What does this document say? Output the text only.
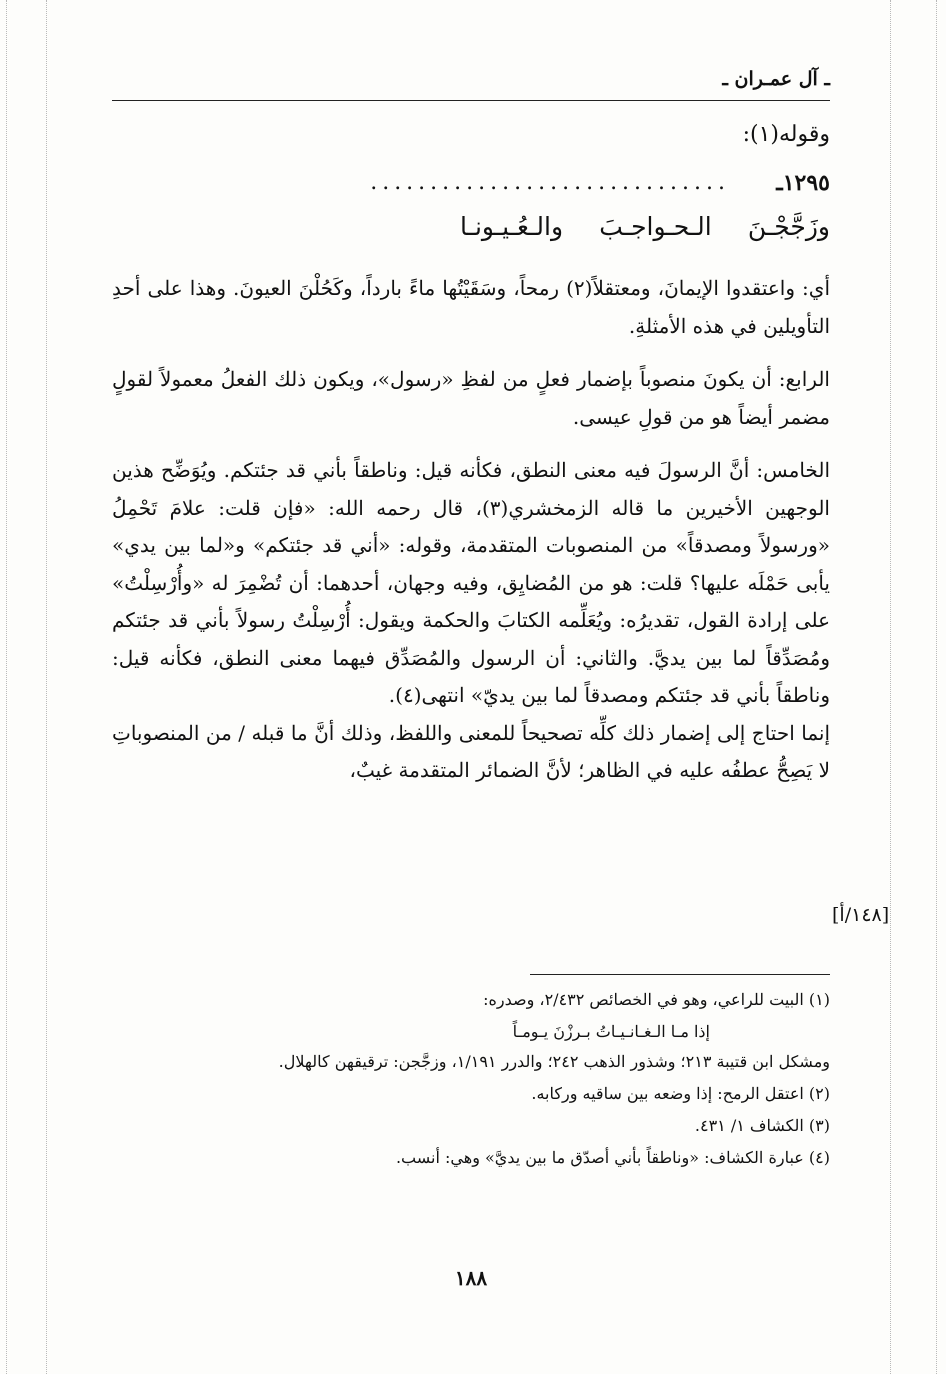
ـ آل عمـران ـ
وقوله(١):
١٢٩٥ـ
..............................
وزَجَّجْـنَ الـحـواجـبَ والـعُـيـونـا

أي: واعتقدوا الإيمانَ، ومعتقلاً(٢) رمحاً، وسَقَيْتُها ماءً بارداً، وكَحُلْنَ العيونَ. وهذا على أحدِ التأويلين في هذه الأمثلةِ.

الرابع: أن يكونَ منصوباً بإضمار فعلٍ من لفظِ «رسول»، ويكون ذلك الفعلُ معمولاً لقولٍ مضمر أيضاً هو من قولِ عيسى.

الخامس: أنَّ الرسولَ فيه معنى النطق، فكأنه قيل: وناطقاً بأني قد جئتكم. ويُوَضِّح هذين الوجهين الأخيرين ما قاله الزمخشري(٣)، قال رحمه الله: «فإن قلت: علامَ تَحْمِلُ «ورسولاً ومصدقاً» من المنصوبات المتقدمة، وقوله: «أني قد جئتكم» و«لما بين يدي» يأبى حَمْلَه عليها؟ قلت: هو من المُضايِق، وفيه وجهان، أحدهما: أن تُضْمِرَ له «وأُرْسِلْتُ» على إرادة القول، تقديرُه: ويُعَلِّمه الكتابَ والحكمة ويقول: أُرْسِلْتُ رسولاً بأني قد جئتكم ومُصَدِّقاً لما بين يديَّ. والثاني: أن الرسول والمُصَدِّق فيهما معنى النطق، فكأنه قيل: وناطقاً بأني قد جئتكم ومصدقاً لما بين يديّ» انتهى(٤).

إنما احتاج إلى إضمار ذلك كلِّه تصحيحاً للمعنى واللفظ، وذلك أنَّ ما قبله / من المنصوباتِ لا يَصِحُّ عطفُه عليه في الظاهر؛ لأنَّ الضمائر المتقدمة غيبٌ،

(١) البيت للراعي، وهو في الخصائص ٢/٤٣٢، وصدره:
إذا مـا الـغـانـيـاتُ بـرزْنَ يـومـاً
ومشكل ابن قتيبة ٢١٣؛ وشذور الذهب ٢٤٢؛ والدرر ١/١٩١، وزجَّجن: ترقيقهن كالهلال.
(٢) اعتقل الرمح: إذا وضعه بين ساقيه وركابه.
(٣) الكشاف ١/ ٤٣١.
(٤) عبارة الكشاف: «وناطقاً بأني أصدّق ما بين يديَّ» وهي: أنسب.
١٨٨
[١٤٨/أ]
